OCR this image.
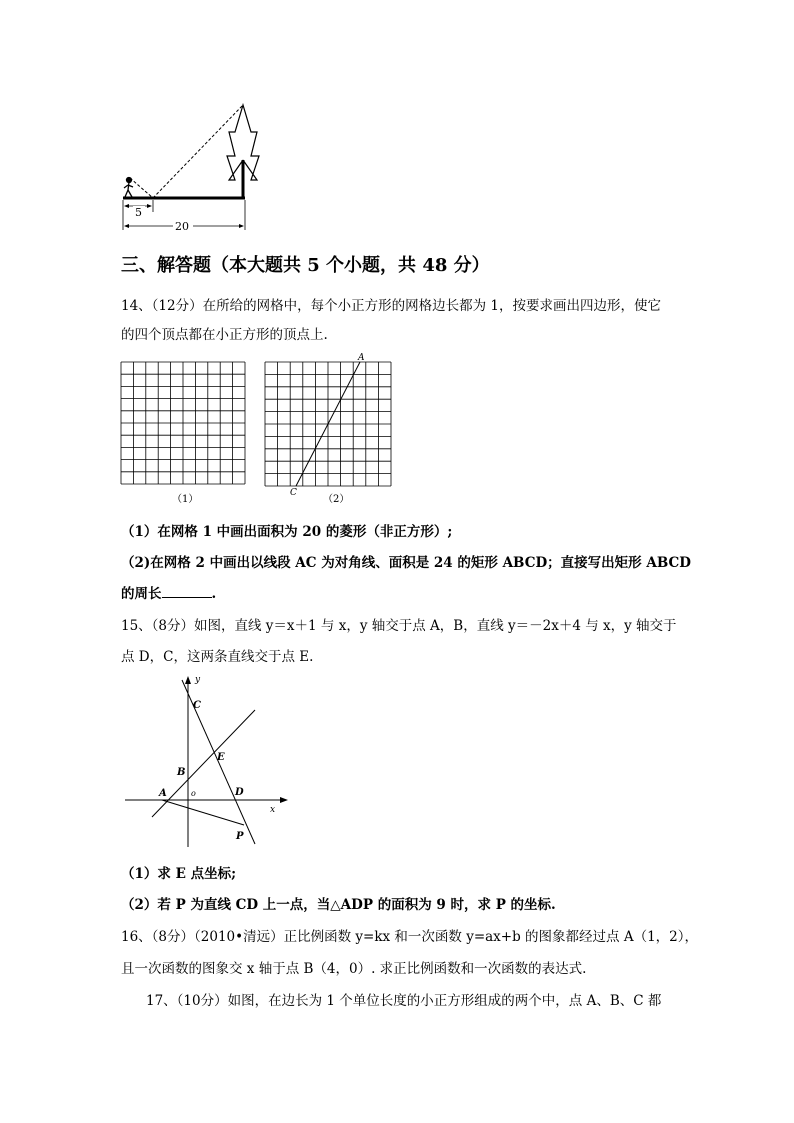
5
20
三、解答题（本大题共 5 个小题，共 48 分）
14、（12分）在所给的网格中，每个小正方形的网格边长都为 1，按要求画出四边形，使它
的四个顶点都在小正方形的顶点上.
（1）
A
C
（2）
（1）在网格 1 中画出面积为 20 的菱形（非正方形）;
（2)在网格 2 中画出以线段 AC 为对角线、面积是 24 的矩形 ABCD；直接写出矩形 ABCD
的周长	.
15、（8分）如图，直线 y＝x＋1 与 x，y 轴交于点 A，B，直线 y＝－2x＋4 与 x，y 轴交于
点 D，C，这两条直线交于点 E.
y
x
C
B
E
A	o	D
P
（1）求 E 点坐标;
（2）若 P 为直线 CD 上一点，当△ADP 的面积为 9 时，求 P 的坐标.
16、（8分）（2010•清远）正比例函数 y=kx 和一次函数 y=ax+b 的图象都经过点 A（1，2），
且一次函数的图象交 x 轴于点 B（4，0）. 求正比例函数和一次函数的表达式.
17、（10分）如图，在边长为 1 个单位长度的小正方形组成的两个中，点 A、B、C 都
